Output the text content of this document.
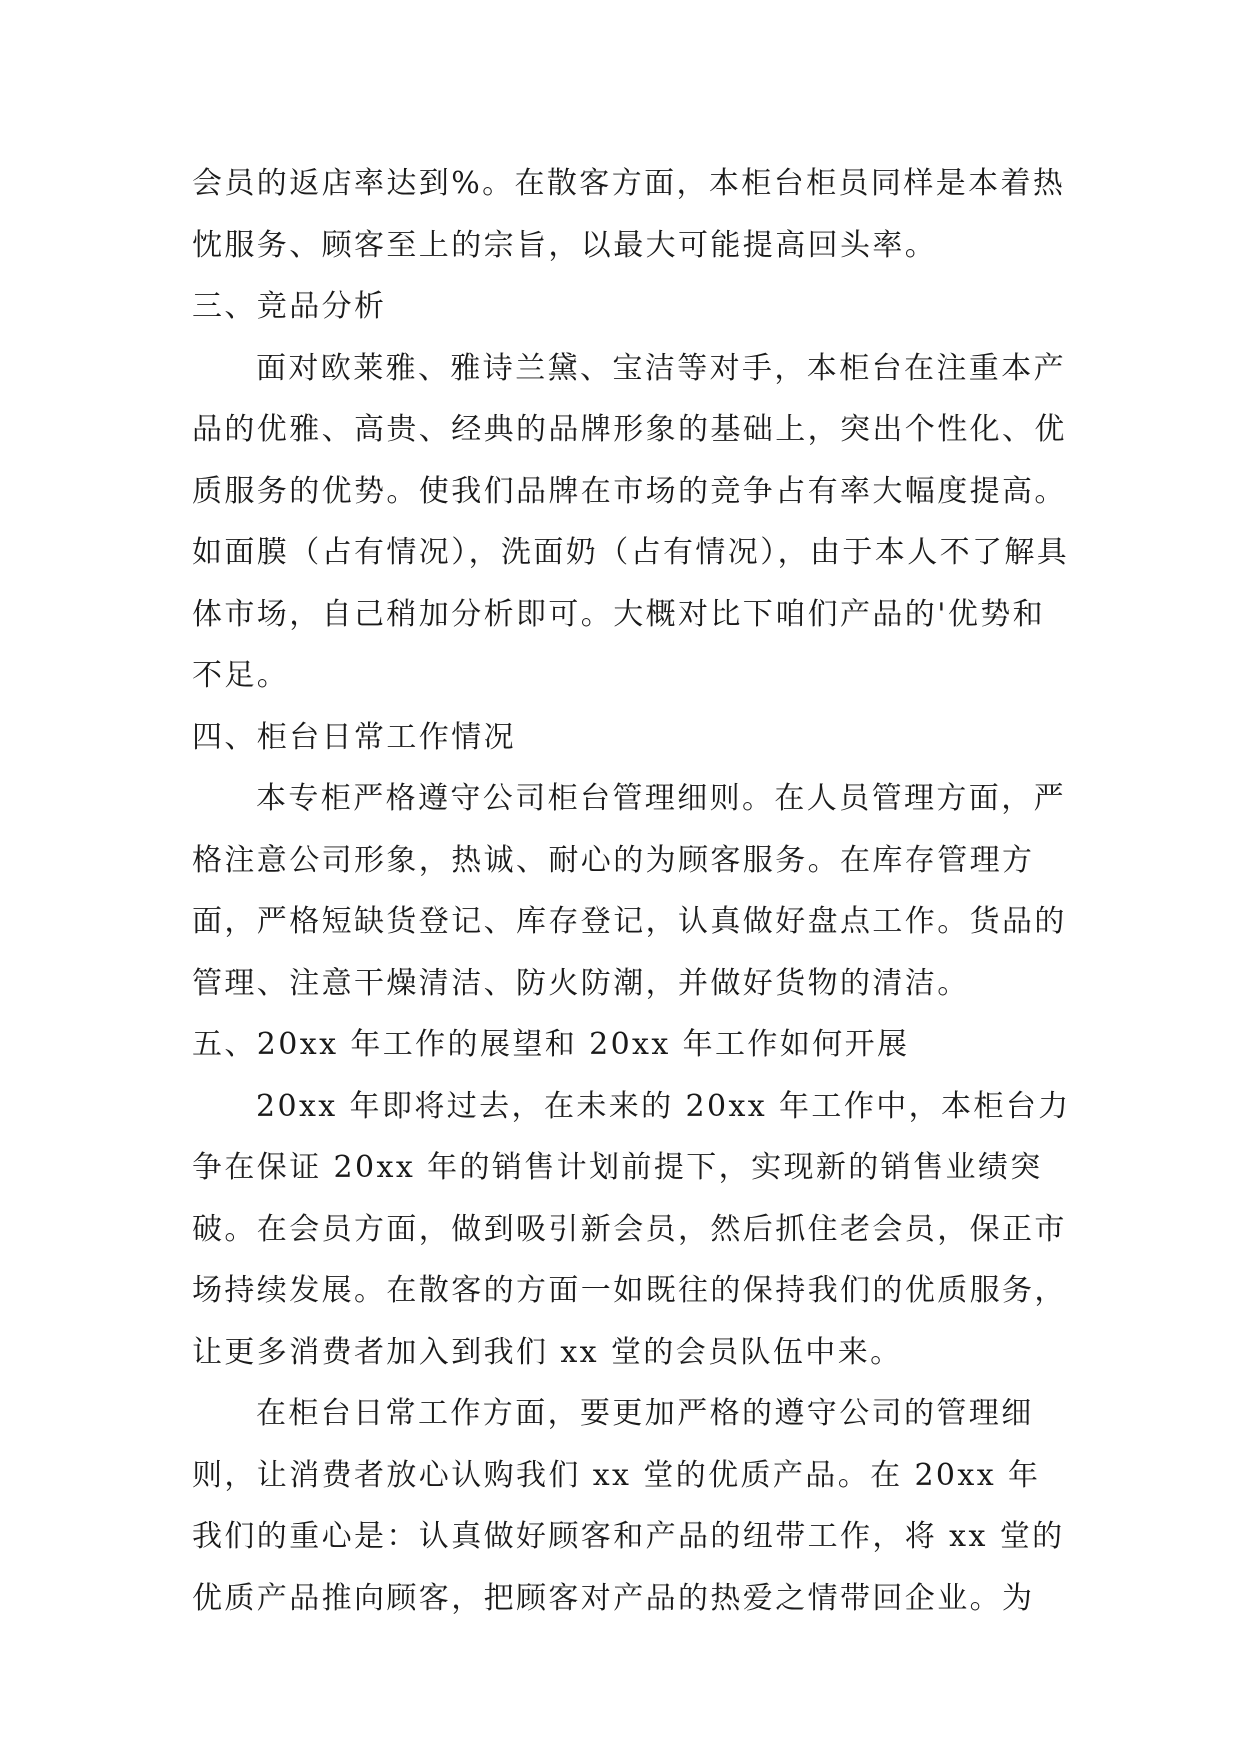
会员的返店率达到%。在散客方面，本柜台柜员同样是本着热忱服务、顾客至上的宗旨，以最大可能提高回头率。

三、竞品分析

面对欧莱雅、雅诗兰黛、宝洁等对手，本柜台在注重本产品的优雅、高贵、经典的品牌形象的基础上，突出个性化、优质服务的优势。使我们品牌在市场的竞争占有率大幅度提高。如面膜（占有情况），洗面奶（占有情况），由于本人不了解具体市场，自己稍加分析即可。大概对比下咱们产品的'优势和不足。

四、柜台日常工作情况

本专柜严格遵守公司柜台管理细则。在人员管理方面，严格注意公司形象，热诚、耐心的为顾客服务。在库存管理方面，严格短缺货登记、库存登记，认真做好盘点工作。货品的管理、注意干燥清洁、防火防潮，并做好货物的清洁。

五、20xx 年工作的展望和 20xx 年工作如何开展

20xx 年即将过去，在未来的 20xx 年工作中，本柜台力争在保证 20xx 年的销售计划前提下，实现新的销售业绩突破。在会员方面，做到吸引新会员，然后抓住老会员，保正市场持续发展。在散客的方面一如既往的保持我们的优质服务，让更多消费者加入到我们 xx 堂的会员队伍中来。

在柜台日常工作方面，要更加严格的遵守公司的管理细则，让消费者放心认购我们 xx 堂的优质产品。在 20xx 年我们的重心是：认真做好顾客和产品的纽带工作，将 xx 堂的优质产品推向顾客，把顾客对产品的热爱之情带回企业。为
